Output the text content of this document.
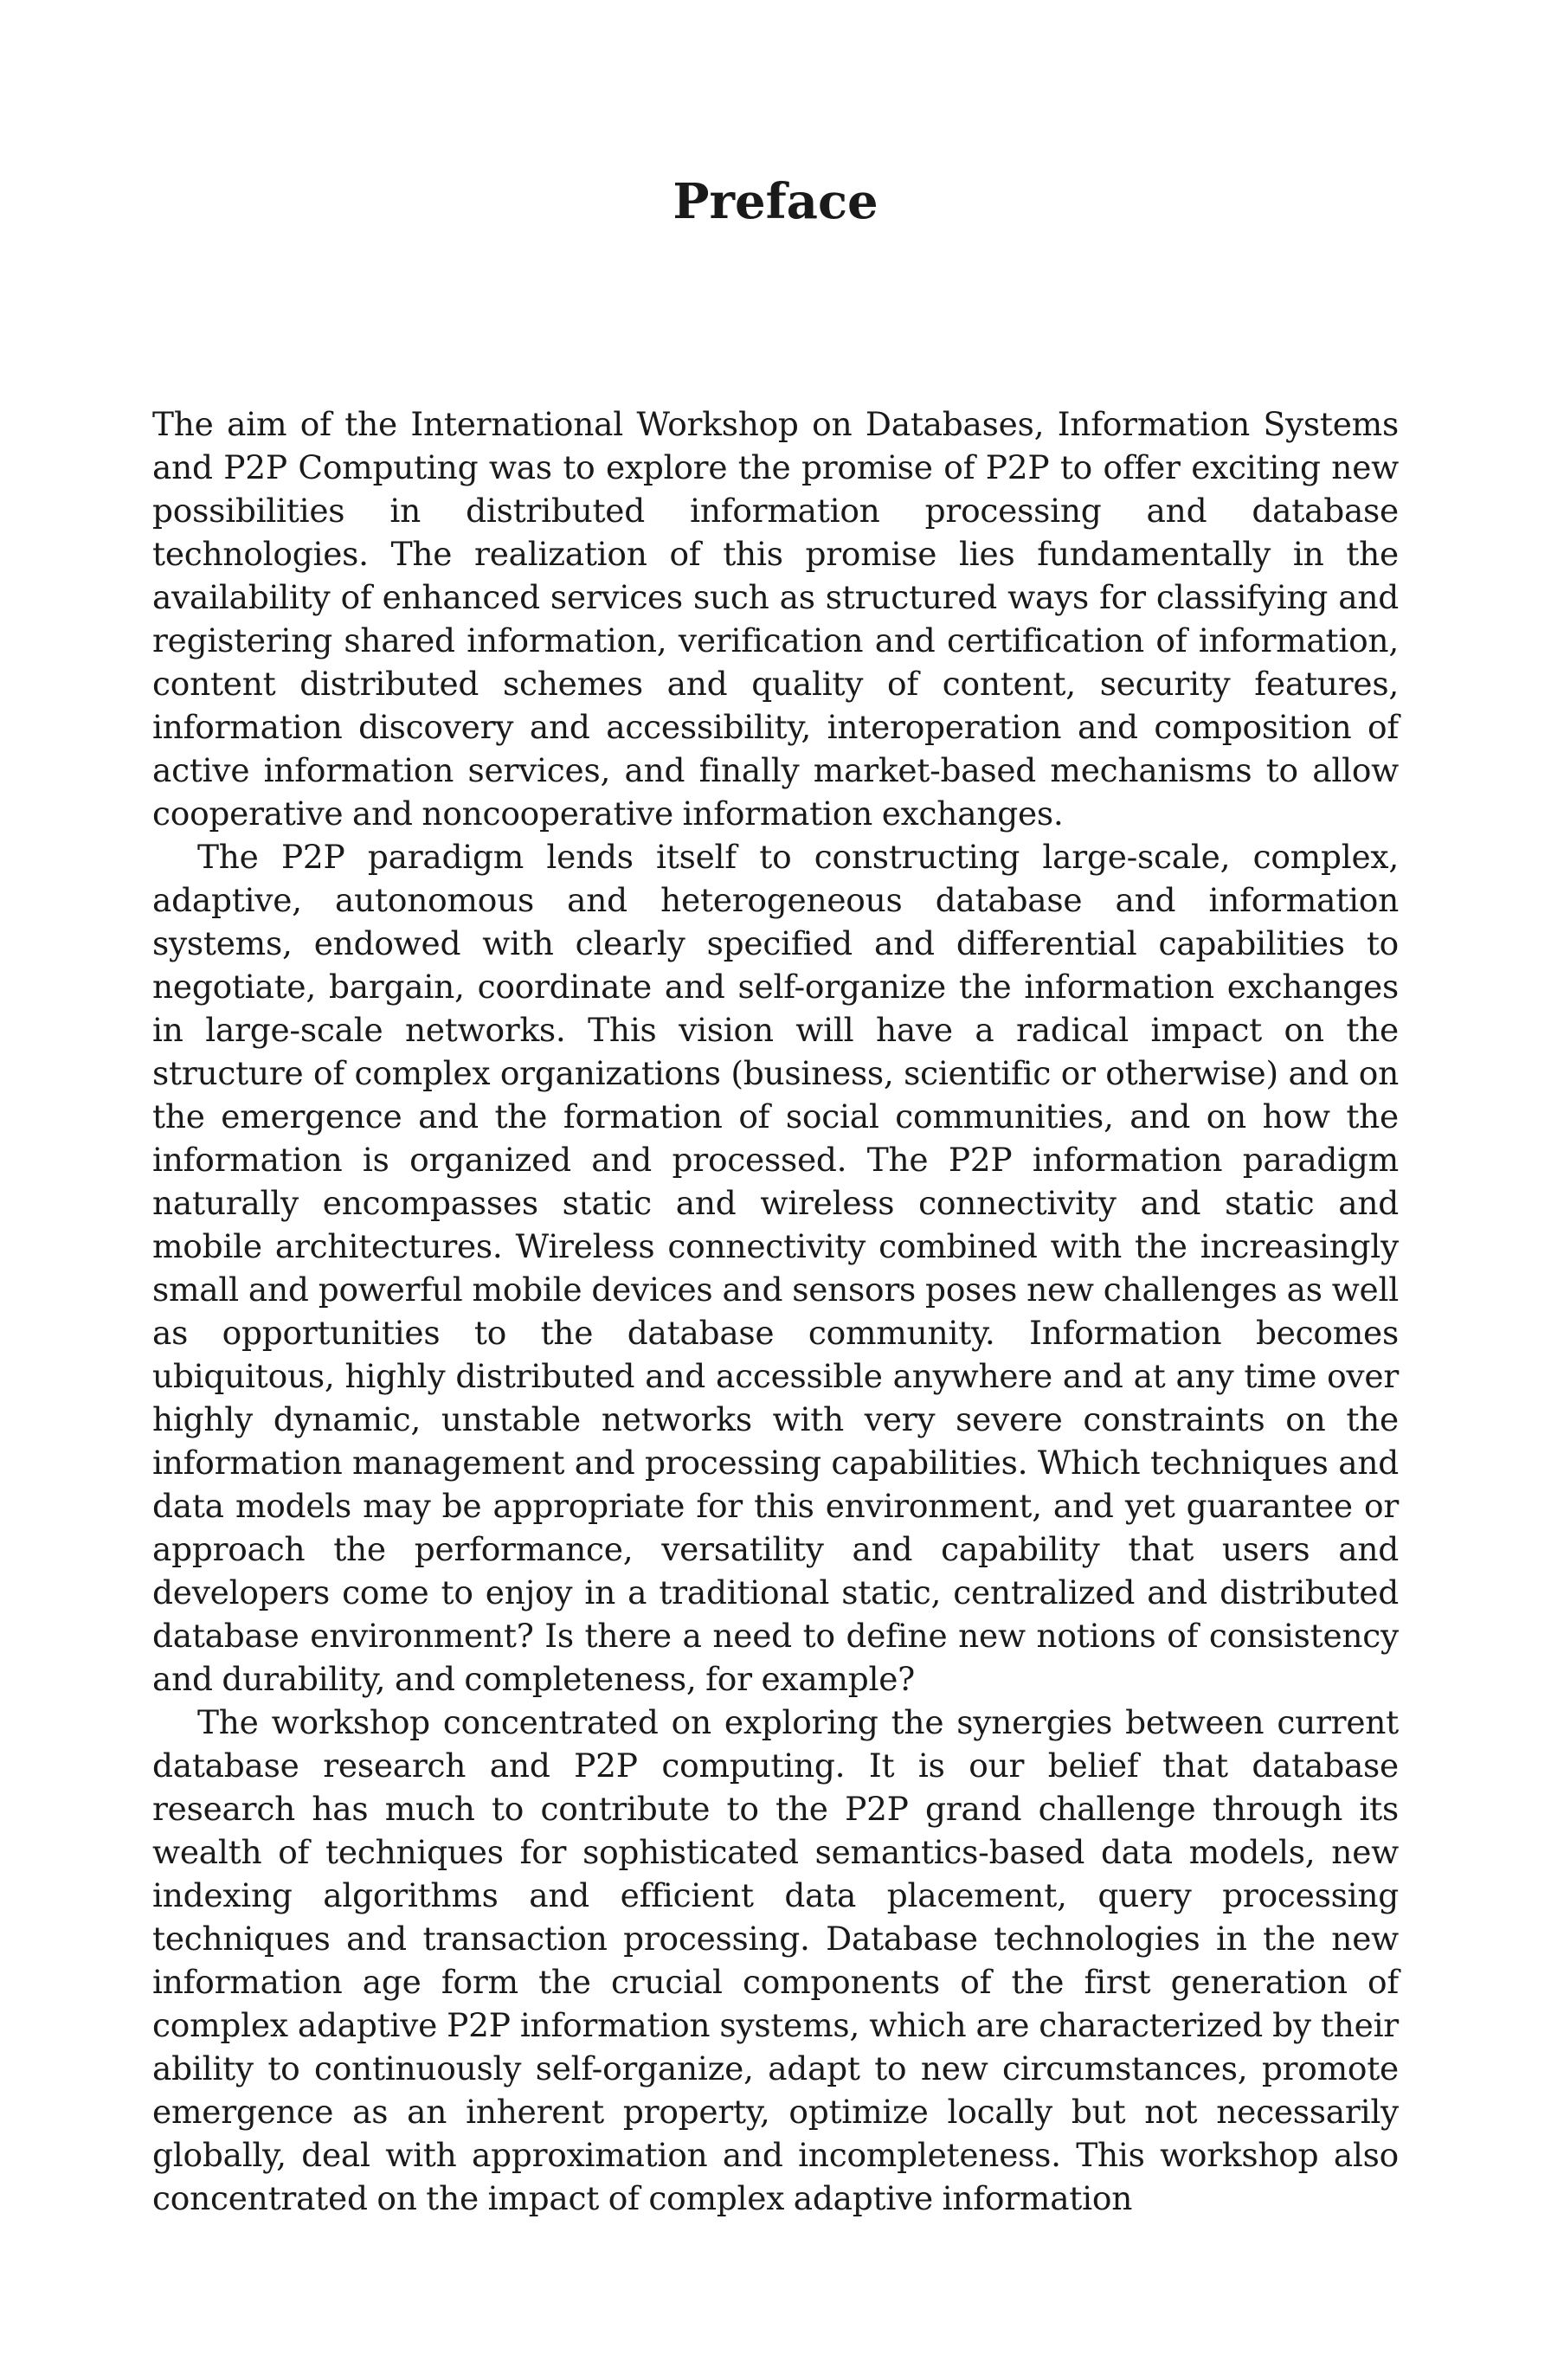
Preface

The aim of the International Workshop on Databases, Information Systems and P2P Computing was to explore the promise of P2P to offer exciting new possibilities in distributed information processing and database technologies. The realization of this promise lies fundamentally in the availability of enhanced services such as structured ways for classifying and registering shared information, verification and certification of information, content distributed schemes and quality of content, security features, information discovery and accessibility, interoperation and composition of active information services, and finally market-based mechanisms to allow cooperative and noncooperative information exchanges.

The P2P paradigm lends itself to constructing large-scale, complex, adaptive, autonomous and heterogeneous database and information systems, endowed with clearly specified and differential capabilities to negotiate, bargain, coordinate and self-organize the information exchanges in large-scale networks. This vision will have a radical impact on the structure of complex organizations (business, scientific or otherwise) and on the emergence and the formation of social communities, and on how the information is organized and processed. The P2P information paradigm naturally encompasses static and wireless connectivity and static and mobile architectures. Wireless connectivity combined with the increasingly small and powerful mobile devices and sensors poses new challenges as well as opportunities to the database community. Information becomes ubiquitous, highly distributed and accessible anywhere and at any time over highly dynamic, unstable networks with very severe constraints on the information management and processing capabilities. Which techniques and data models may be appropriate for this environment, and yet guarantee or approach the performance, versatility and capability that users and developers come to enjoy in a traditional static, centralized and distributed database environment? Is there a need to define new notions of consistency and durability, and completeness, for example?

The workshop concentrated on exploring the synergies between current database research and P2P computing. It is our belief that database research has much to contribute to the P2P grand challenge through its wealth of techniques for sophisticated semantics-based data models, new indexing algorithms and efficient data placement, query processing techniques and transaction processing. Database technologies in the new information age form the crucial components of the first generation of complex adaptive P2P information systems, which are characterized by their ability to continuously self-organize, adapt to new circumstances, promote emergence as an inherent property, optimize locally but not necessarily globally, deal with approximation and incompleteness. This workshop also concentrated on the impact of complex adaptive information
